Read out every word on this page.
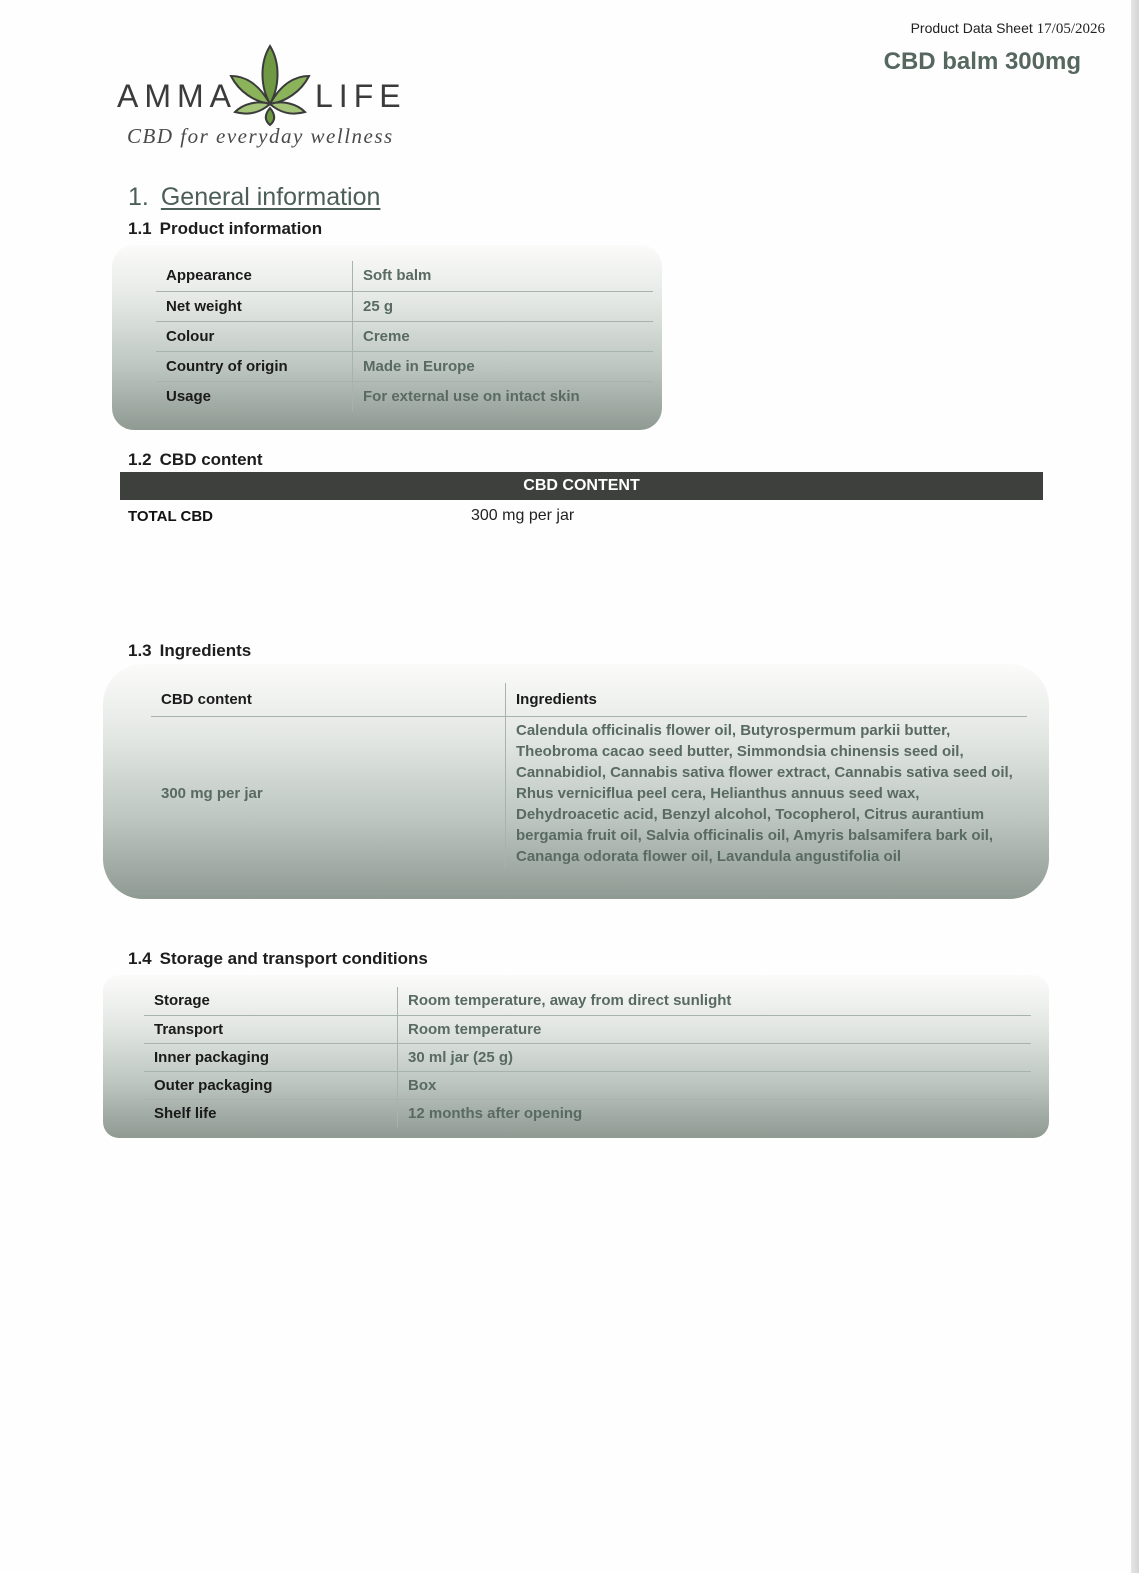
Product Data Sheet 17/05/2026
CBD balm 300mg
AMMA LIFE
CBD for everyday wellness
1. General information
1.1 Product information
Appearance	Soft balm
Net weight	25 g
Colour	Creme
Country of origin	Made in Europe
Usage	For external use on intact skin
1.2 CBD content
CBD CONTENT
TOTAL CBD	300 mg per jar
1.3 Ingredients
CBD content	Ingredients
300 mg per jar	Calendula officinalis flower oil, Butyrospermum parkii butter, Theobroma cacao seed butter, Simmondsia chinensis seed oil, Cannabidiol, Cannabis sativa flower extract, Cannabis sativa seed oil, Rhus verniciflua peel cera, Helianthus annuus seed wax, Dehydroacetic acid, Benzyl alcohol, Tocopherol, Citrus aurantium bergamia fruit oil, Salvia officinalis oil, Amyris balsamifera bark oil, Cananga odorata flower oil, Lavandula angustifolia oil
1.4 Storage and transport conditions
Storage	Room temperature, away from direct sunlight
Transport	Room temperature
Inner packaging	30 ml jar (25 g)
Outer packaging	Box
Shelf life	12 months after opening
